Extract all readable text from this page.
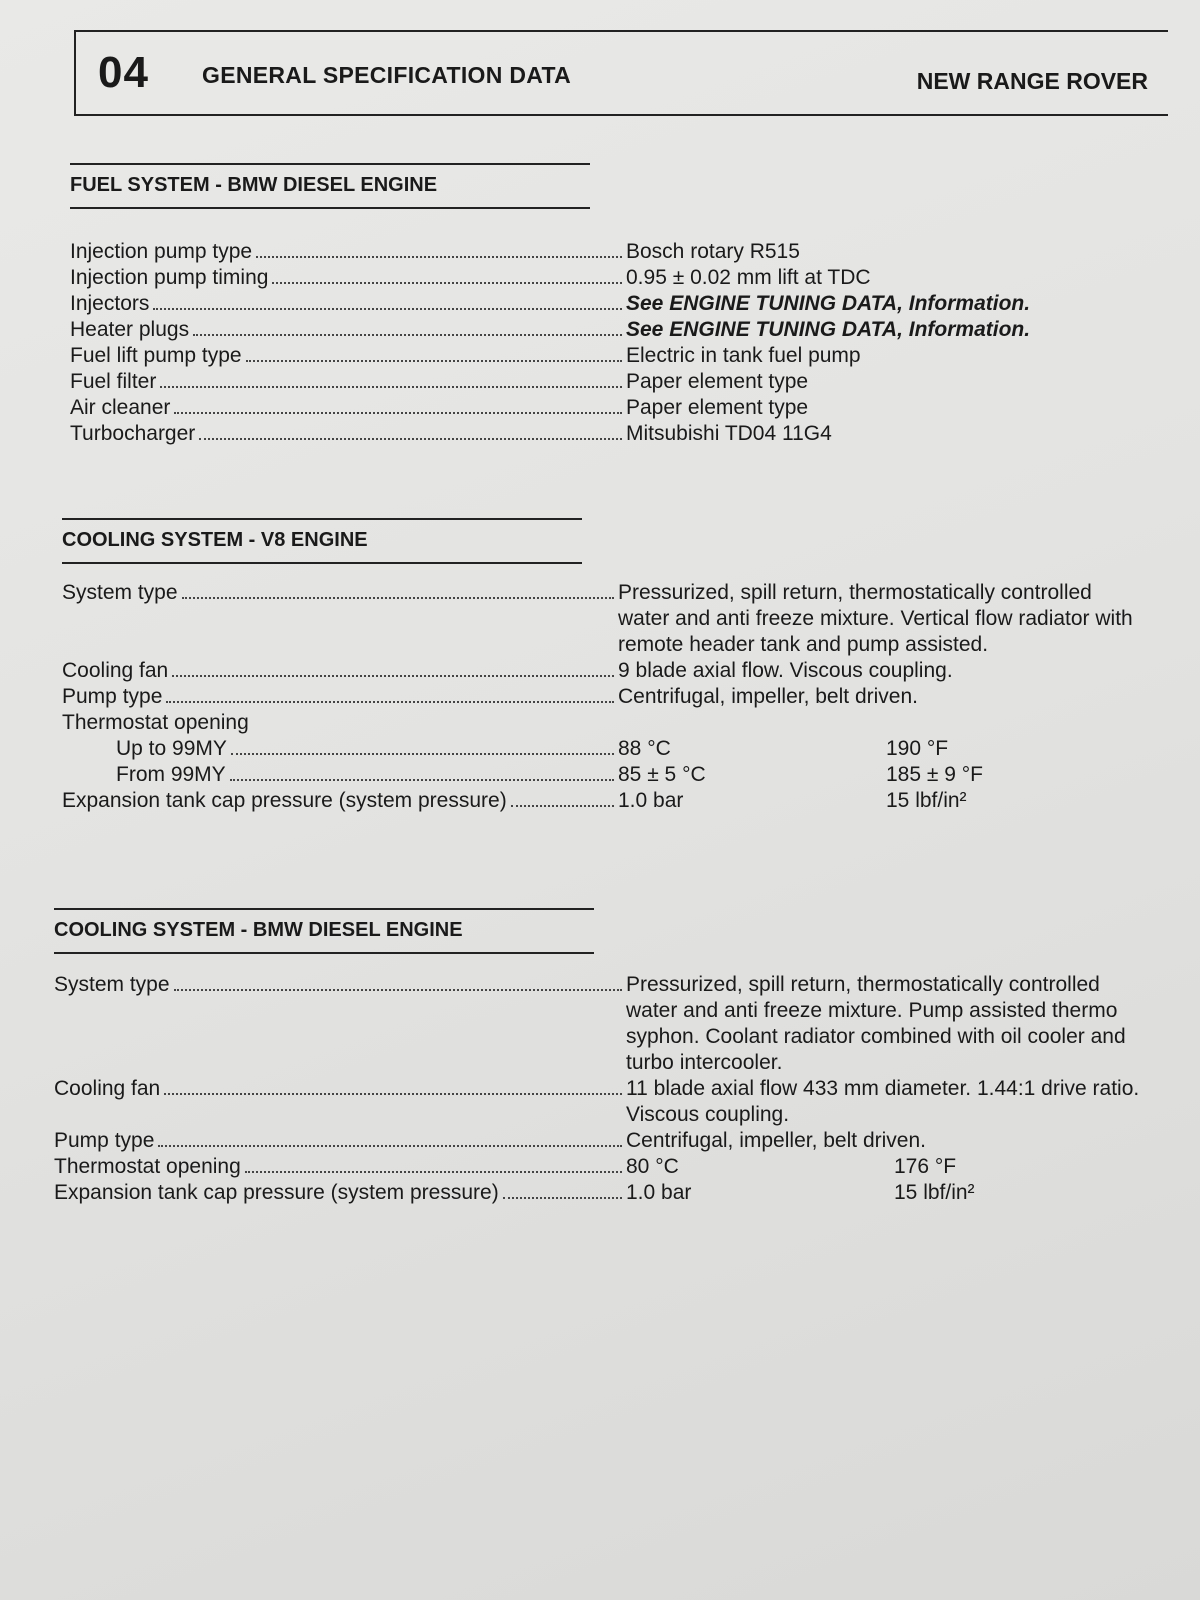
04 GENERAL SPECIFICATION DATA	NEW RANGE ROVER
FUEL SYSTEM - BMW DIESEL ENGINE
Injection pump type	Bosch rotary R515
Injection pump timing	0.95 ± 0.02 mm lift at TDC
Injectors	See ENGINE TUNING DATA, Information.
Heater plugs	See ENGINE TUNING DATA, Information.
Fuel lift pump type	Electric in tank fuel pump
Fuel filter	Paper element type
Air cleaner	Paper element type
Turbocharger	Mitsubishi TD04 11G4
COOLING SYSTEM - V8 ENGINE
System type	Pressurized, spill return, thermostatically controlled water and anti freeze mixture. Vertical flow radiator with remote header tank and pump assisted.
Cooling fan	9 blade axial flow. Viscous coupling.
Pump type	Centrifugal, impeller, belt driven.
Thermostat opening
Up to 99MY	88 °C	190 °F
From 99MY	85 ± 5 °C	185 ± 9 °F
Expansion tank cap pressure (system pressure)	1.0 bar	15 lbf/in²
COOLING SYSTEM - BMW DIESEL ENGINE
System type	Pressurized, spill return, thermostatically controlled water and anti freeze mixture. Pump assisted thermo syphon. Coolant radiator combined with oil cooler and turbo intercooler.
Cooling fan	11 blade axial flow 433 mm diameter. 1.44:1 drive ratio. Viscous coupling.
Pump type	Centrifugal, impeller, belt driven.
Thermostat opening	80 °C	176 °F
Expansion tank cap pressure (system pressure)	1.0 bar	15 lbf/in²
